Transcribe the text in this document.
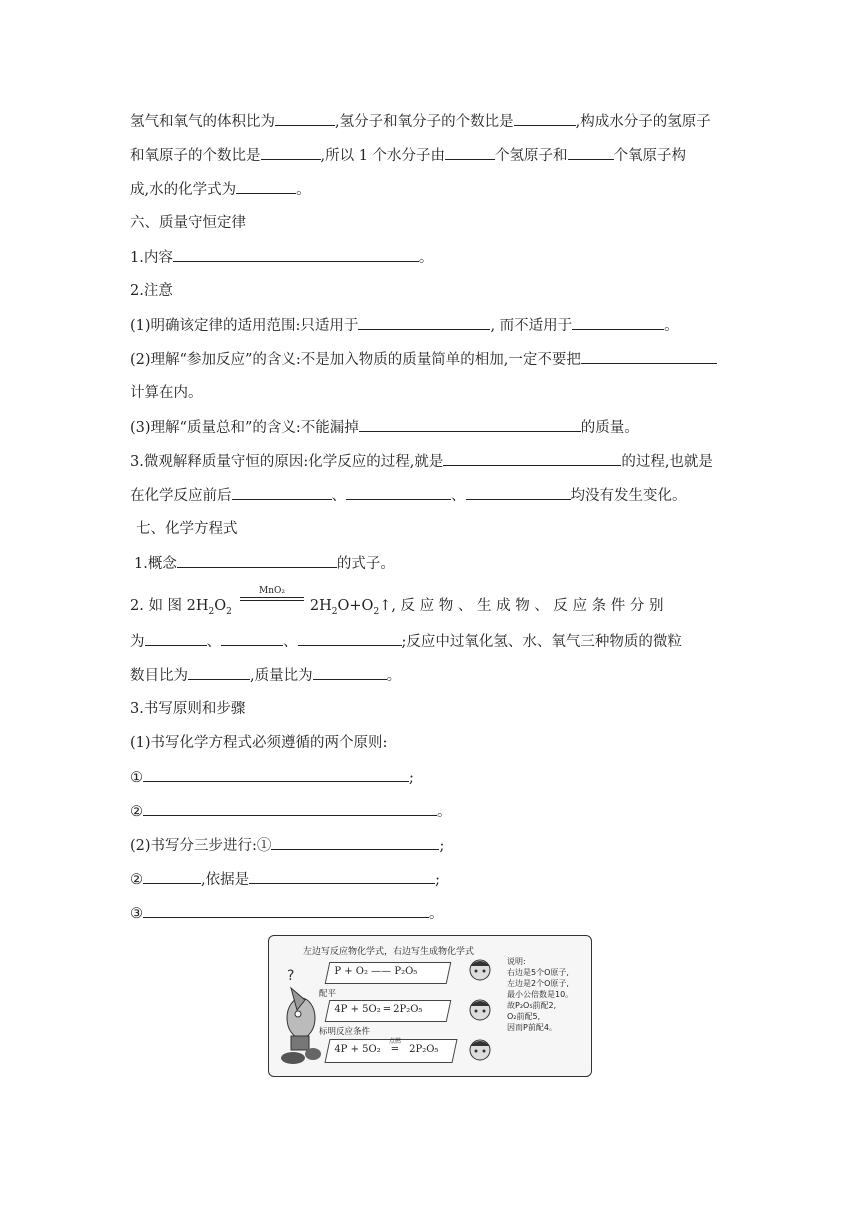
氢气和氧气的体积比为	,氢分子和氧分子的个数比是	,构成水分子的氢原子
和氧原子的个数比是	,所以 1 个水分子由	个氢原子和	个氧原子构
成,水的化学式为	。
六、质量守恒定律
1.内容	。
2.注意
(1)明确该定律的适用范围:只适用于	, 而不适用于	。
(2)理解“参加反应”的含义:不是加入物质的质量简单的相加,一定不要把
计算在内。
(3)理解“质量总和”的含义:不能漏掉	的质量。
3.微观解释质量守恒的原因:化学反应的过程,就是	的过程,也就是
在化学反应前后	、	、	均没有发生变化。
七、化学方程式
1.概念	的式子。
MnO₂
2. 如 图 $2H_2O_2$	$2H_2O+O_2↑$, 反 应 物 、 生 成 物 、 反 应 条 件 分 别
为	、	、	;反应中过氧化氢、水、氧气三种物质的微粒
数目比为	,质量比为	。
3.书写原则和步骤
(1)书写化学方程式必须遵循的两个原则:
①	;
②	。
(2)书写分三步进行:①	;
②	,依据是	;
③	。
左边写反应物化学式，右边写生成物化学式
?	P + O₂ —— P₂O₅
配平
4P + 5O₂ ═ 2P₂O₅
标明反应条件
4P + 5O₂
点燃
═ 2P₂O₅
说明:
右边是5个O原子,
左边是2个O原子,
最小公倍数是10。
故P₂O₅前配2,
O₂前配5,
因而P前配4。
